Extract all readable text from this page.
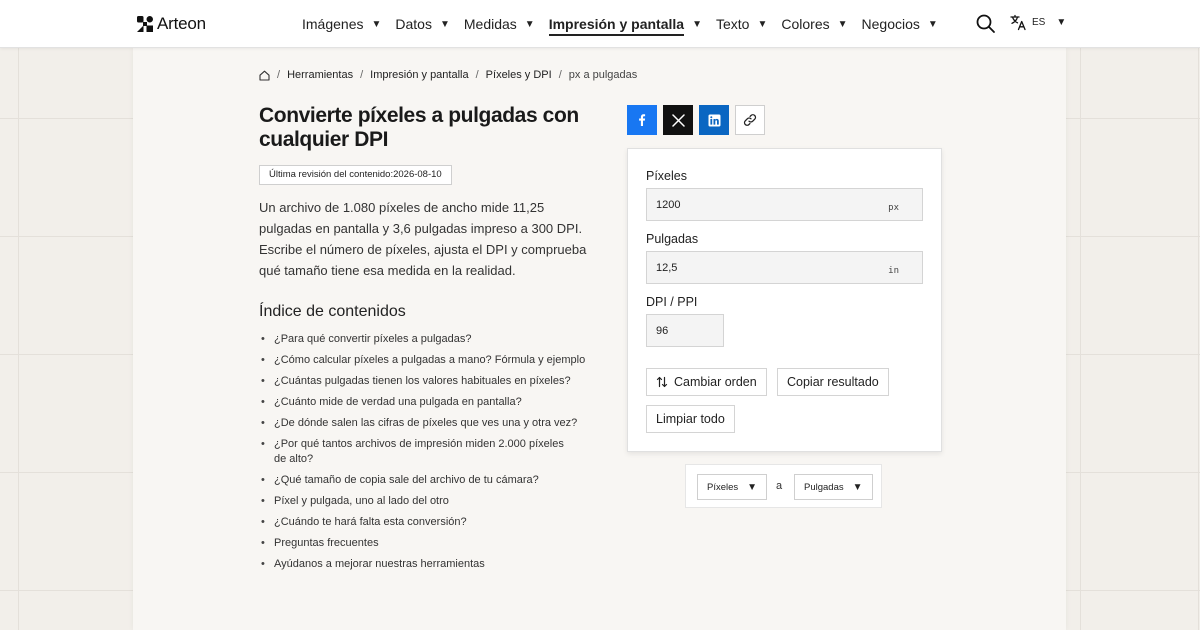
Arteon	Imágenes ▼ Datos ▼ Medidas ▼ Impresión y pantalla ▼ Texto ▼ Colores ▼ Negocios ▼	ES ▼
/ Herramientas / Impresión y pantalla / Píxeles y DPI / px a pulgadas
Convierte píxeles a pulgadas con cualquier DPI
Última revisión del contenido:2026-08-10

Un archivo de 1.080 píxeles de ancho mide 11,25 pulgadas en pantalla y 3,6 pulgadas impreso a 300 DPI. Escribe el número de píxeles, ajusta el DPI y comprueba qué tamaño tiene esa medida en la realidad.

Índice de contenidos
• ¿Para qué convertir píxeles a pulgadas?
• ¿Cómo calcular píxeles a pulgadas a mano? Fórmula y ejemplo
• ¿Cuántas pulgadas tienen los valores habituales en píxeles?
• ¿Cuánto mide de verdad una pulgada en pantalla?
• ¿De dónde salen las cifras de píxeles que ves una y otra vez?
• ¿Por qué tantos archivos de impresión miden 2.000 píxeles de alto?
• ¿Qué tamaño de copia sale del archivo de tu cámara?
• Píxel y pulgada, uno al lado del otro
• ¿Cuándo te hará falta esta conversión?
• Preguntas frecuentes
• Ayúdanos a mejorar nuestras herramientas
Píxeles
1200	px
Pulgadas
12,5	in
DPI / PPI
96
Cambiar orden	Copiar resultado
Limpiar todo
Píxeles ▼ a Pulgadas ▼
